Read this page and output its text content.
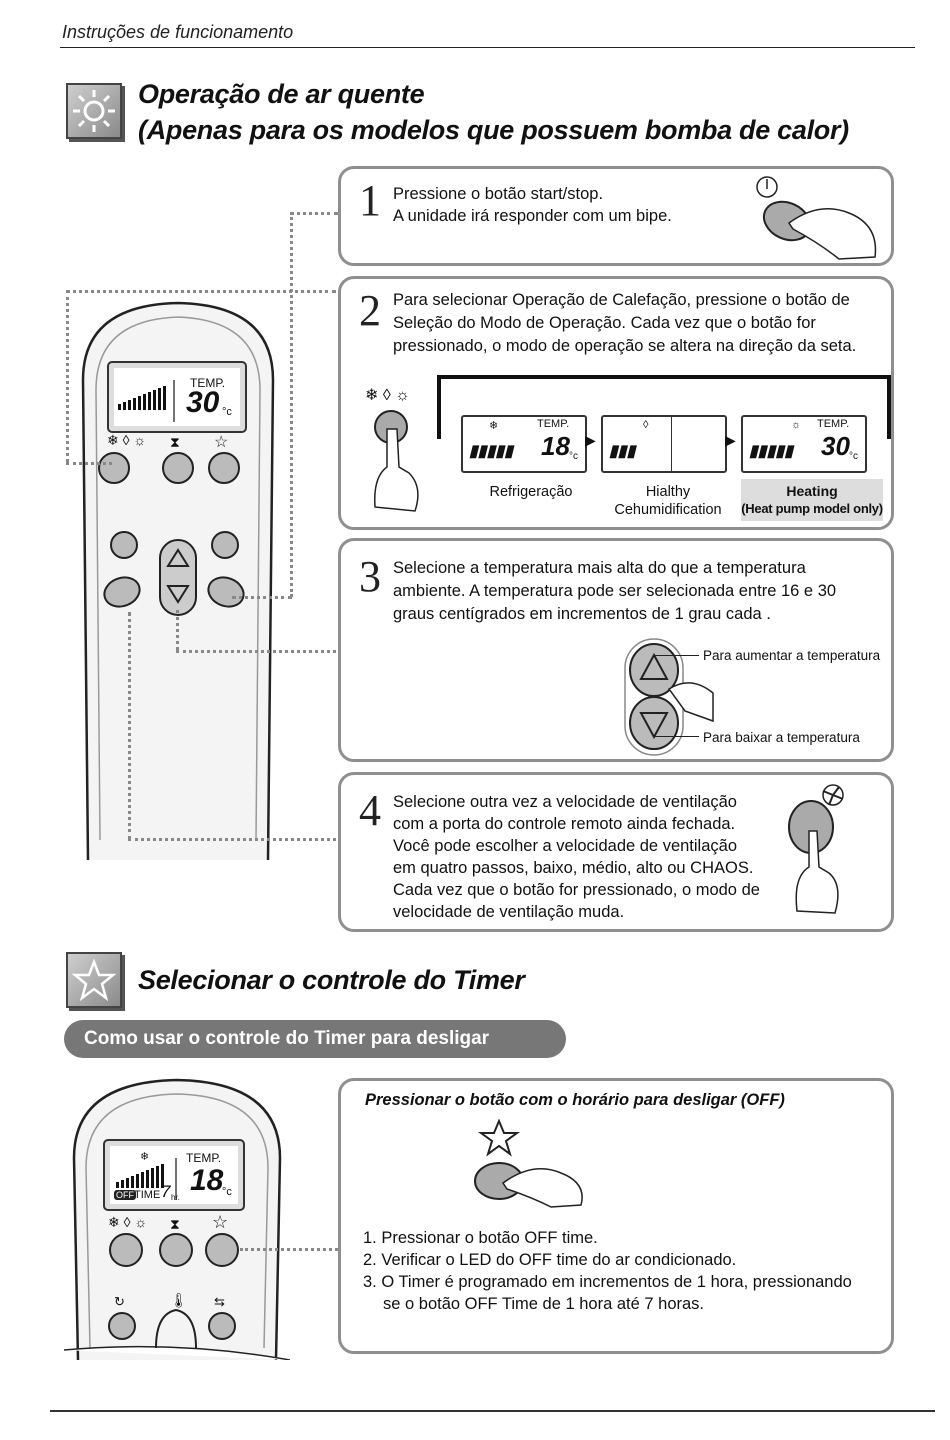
Instruções de funcionamento
Operação de ar quente
(Apenas para os modelos que possuem bomba de calor)
TEMP.
30 °c
❄ ◊ ☼ ⧗ ☆
1 Pressione o botão start/stop.
A unidade irá responder com um bipe.
2 Para selecionar Operação de Calefação, pressione o botão de
Seleção do Modo de Operação. Cada vez que o botão for
pressionado, o modo de operação se altera na direção da seta.
❄ ◊ ☼
❄
▮▮▮▮▮
TEMP.
18 °c
▶
◊
▮▮▮
▶
☼
▮▮▮▮▮
TEMP.
30 °c
Refrigeração	Hialthy
Cehumidification
Heating
(Heat pump model only)
3 Selecione a temperatura mais alta do que a temperatura
ambiente. A temperatura pode ser selecionada entre 16 e 30
graus centígrados em incrementos de 1 grau cada .
Para aumentar a temperatura
Para baixar a temperatura
4 Selecione outra vez a velocidade de ventilação
com a porta do controle remoto ainda fechada.
Você pode escolher a velocidade de ventilação
em quatro passos, baixo, médio, alto ou CHAOS.
Cada vez que o botão for pressionado, o modo de
velocidade de ventilação muda.
Selecionar o controle do Timer
Como usar o controle do Timer para desligar
❄	TEMP.
18
°c
OFF TIME 7 hr.
❄ ◊ ☼ ⧗ ☆
↻	🌡 ⇆
Pressionar o botão com o horário para desligar (OFF)
1. Pressionar o botão OFF time.
2. Verificar o LED do OFF time do ar condicionado.
3. O Timer é programado em incrementos de 1 hora, pressionando
se o botão OFF Time de 1 hora até 7 horas.
